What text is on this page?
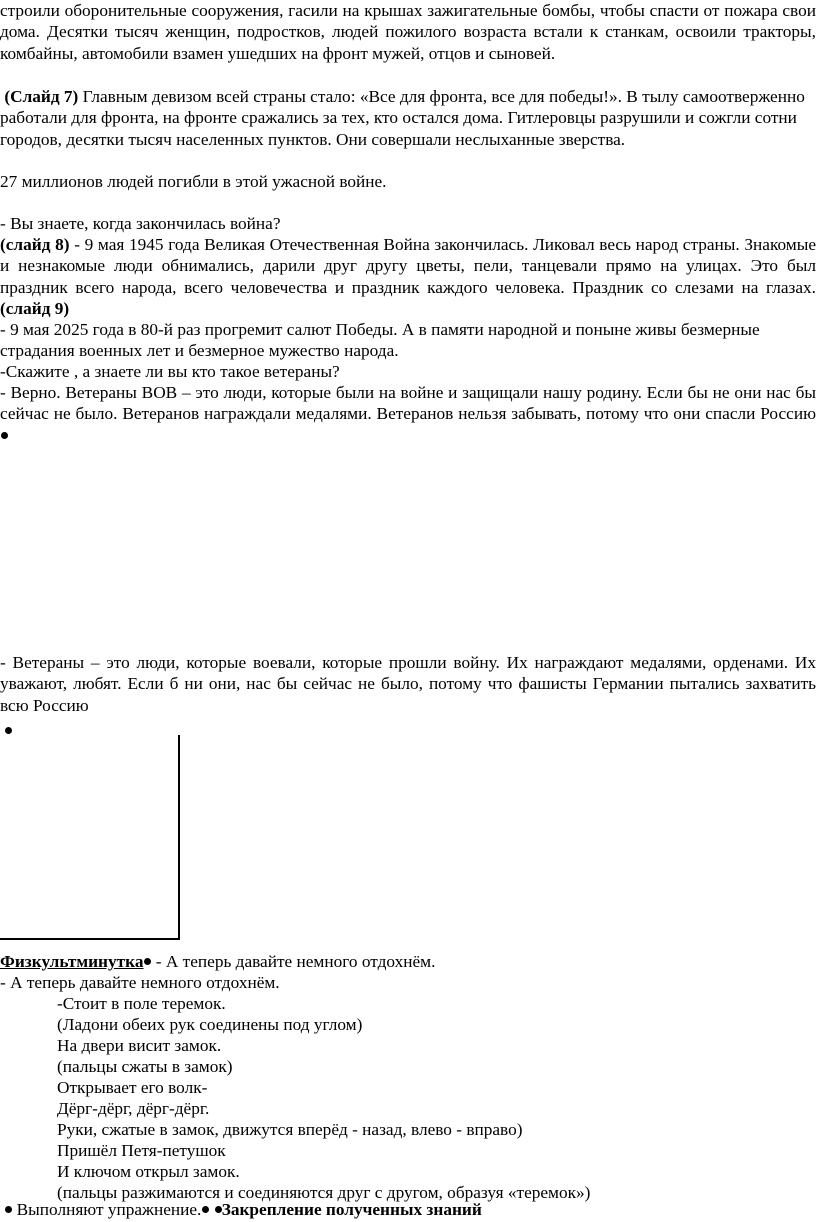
строили оборонительные сооружения, гасили на крышах зажигательные бомбы, чтобы спасти от пожара свои дома. Десятки тысяч женщин, подростков, людей пожилого возраста встали к станкам, освоили тракторы, комбайны, автомобили взамен ушедших на фронт мужей, отцов и сыновей.

(Слайд 7) Главным девизом всей страны стало: «Все для фронта, все для победы!». В тылу самоотверженно работали для фронта, на фронте сражались за тех, кто остался дома. Гитлеровцы разрушили и сожгли сотни городов, десятки тысяч населенных пунктов. Они совершали неслыханные зверства.

27 миллионов людей погибли в этой ужасной войне.

- Вы знаете, когда закончилась война?

(слайд 8) - 9 мая 1945 года Великая Отечественная Война закончилась. Ликовал весь народ страны. Знакомые и незнакомые люди обнимались, дарили друг другу цветы, пели, танцевали прямо на улицах. Это был праздник всего народа, всего человечества и праздник каждого человека. Праздник со слезами на глазах. (слайд 9)

- 9 мая 2025 года в 80-й раз прогремит салют Победы. А в памяти народной и поныне живы безмерные страдания военных лет и безмерное мужество народа.

-Скажите , а знаете ли вы кто такое ветераны?

- Верно. Ветераны ВОВ – это люди, которые были на войне и защищали нашу родину. Если бы не они нас бы сейчас не было. Ветеранов награждали медалями. Ветеранов нельзя забывать, потому что они спасли Россию

- Ветераны – это люди, которые воевали, которые прошли войну. Их награждают медалями, орденами. Их уважают, любят. Если б ни они, нас бы сейчас не было, потому что фашисты Германии пытались захватить всю Россию

Физкультминутка - А теперь давайте немного отдохнём.

- А теперь давайте немного отдохнём.

-Стоит в поле теремок.
(Ладони обеих рук соединены под углом)
На двери висит замок.
(пальцы сжаты в замок)
Открывает его волк-
Дёрг-дёрг, дёрг-дёрг.
Руки, сжатые в замок, движутся вперёд - назад, влево - вправо)
Пришёл Петя-петушок
И ключом открыл замок.
(пальцы разжимаются и соединяются друг с другом, образуя «теремок»)

Выполняют упражнение. Закрепление полученных знаний
